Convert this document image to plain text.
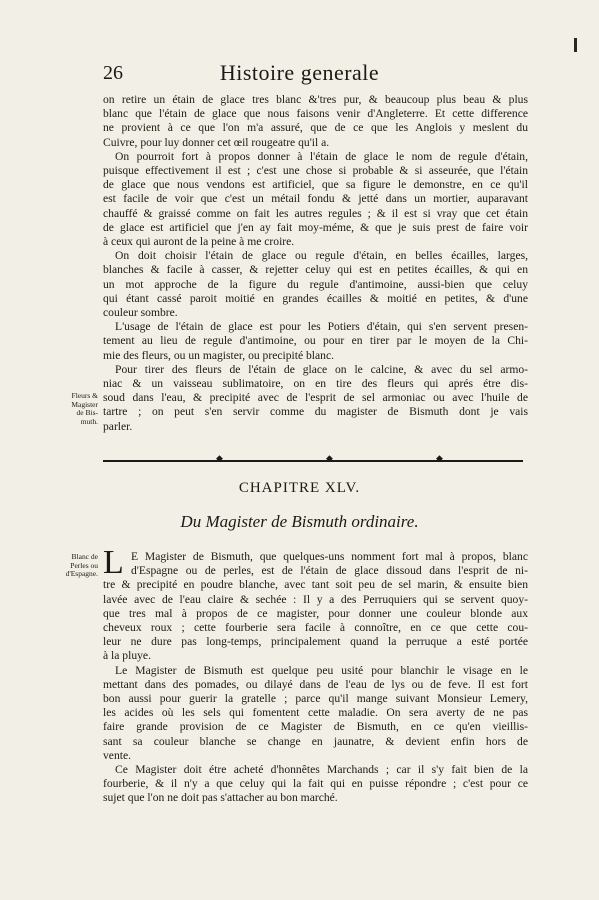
26	Histoire generale
on retire un étain de glace tres blanc &'tres pur, & beaucoup plus beau & plus
blanc que l'étain de glace que nous faisons venir d'Angleterre. Et cette difference
ne provient à ce que l'on m'a assuré, que de ce que les Anglois y meslent du
Cuivre, pour luy donner cet œil rougeatre qu'il a.
On pourroit fort à propos donner à l'étain de glace le nom de regule d'étain,
puisque effectivement il est ; c'est une chose si probable & si asseurée, que l'étain
de glace que nous vendons est artificiel, que sa figure le demonstre, en ce qu'il
est facile de voir que c'est un métail fondu & jetté dans un mortier, auparavant
chauffé & graissé comme on fait les autres regules ; & il est si vray que cet étain
de glace est artificiel que j'en ay fait moy-méme, & que je suis prest de faire voir
à ceux qui auront de la peine à me croire.
On doit choisir l'étain de glace ou regule d'étain, en belles écailles, larges,
blanches & facile à casser, & rejetter celuy qui est en petites écailles, & qui en
un mot approche de la figure du regule d'antimoine, aussi-bien que celuy
qui étant cassé paroit moitié en grandes écailles & moitié en petites, & d'une
couleur sombre.
L'usage de l'étain de glace est pour les Potiers d'étain, qui s'en servent presen-
tement au lieu de regule d'antimoine, ou pour en tirer par le moyen de la Chi-
mie des fleurs, ou un magister, ou precipité blanc.
Pour tirer des fleurs de l'étain de glace on le calcine, & avec du sel armo-
niac & un vaisseau sublimatoire, on en tire des fleurs qui aprés étre dis-
soud dans l'eau, & precipité avec de l'esprit de sel armoniac ou avec l'huile de
tartre ; on peut s'en servir comme du magister de Bismuth dont je vais
parler.
Fleurs &
Magister
de Bis-
muth.
◆	◆	◆
CHAPITRE XLV.
Du Magister de Bismuth ordinaire.
Blanc de
Perles ou
d'Espagne. L E Magister de Bismuth, que quelques-uns nomment fort mal à propos, blanc
d'Espagne ou de perles, est de l'étain de glace dissoud dans l'esprit de ni-
tre & precipité en poudre blanche, avec tant soit peu de sel marin, & ensuite bien
lavée avec de l'eau claire & sechée : Il y a des Perruquiers qui se servent quoy-
que tres mal à propos de ce magister, pour donner une couleur blonde aux
cheveux roux ; cette fourberie sera facile à connoître, en ce que cette cou-
leur ne dure pas long-temps, principalement quand la perruque a esté portée
à la pluye.
Le Magister de Bismuth est quelque peu usité pour blanchir le visage en le
mettant dans des pomades, ou dilayé dans de l'eau de lys ou de feve. Il est fort
bon aussi pour guerir la gratelle ; parce qu'il mange suivant Monsieur Lemery,
les acides où les sels qui fomentent cette maladie. On sera averty de ne pas
faire grande provision de ce Magister de Bismuth, en ce qu'en vieillis-
sant sa couleur blanche se change en jaunatre, & devient enfin hors de
vente.
Ce Magister doit étre acheté d'honnêtes Marchands ; car il s'y fait bien de la
fourberie, & il n'y a que celuy qui la fait qui en puisse répondre ; c'est pour ce
sujet que l'on ne doit pas s'attacher au bon marché.
